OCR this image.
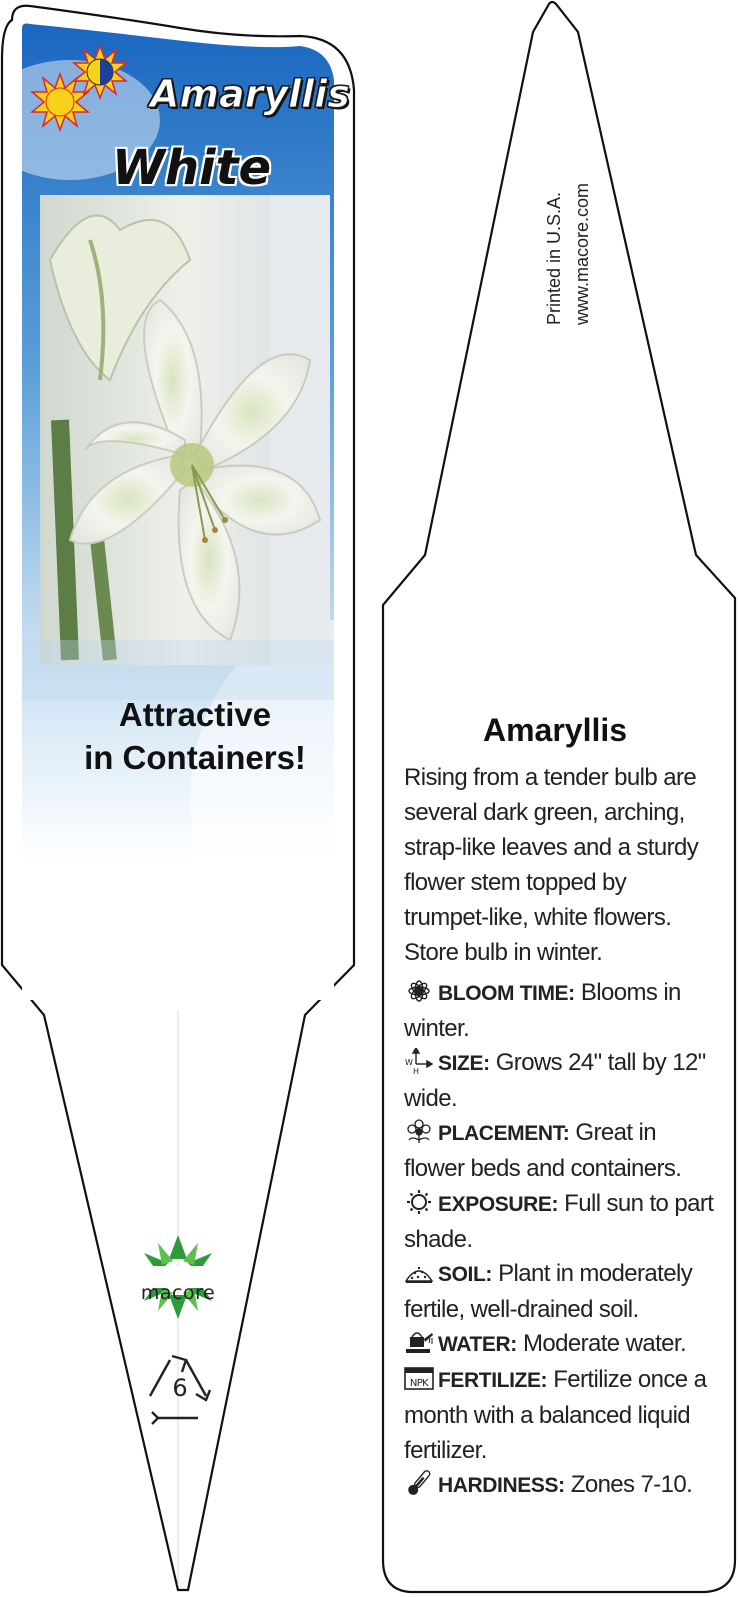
Amaryllis
White
Attractive
in Containers!
macore
6
Printed in U.S.A. www.macore.com
Amaryllis
Rising from a tender bulb are several dark green, arching, strap-like leaves and a sturdy flower stem topped by trumpet-like, white flowers. Store bulb in winter.
BLOOM TIME: Blooms in winter.
W
H SIZE: Grows 24" tall by 12" wide.
PLACEMENT: Great in flower beds and containers.
EXPOSURE: Full sun to part shade.
SOIL: Plant in moderately fertile, well-drained soil.
WATER: Moderate water.
NPK FERTILIZE: Fertilize once a month with a balanced liquid fertilizer.
HARDINESS: Zones 7-10.
